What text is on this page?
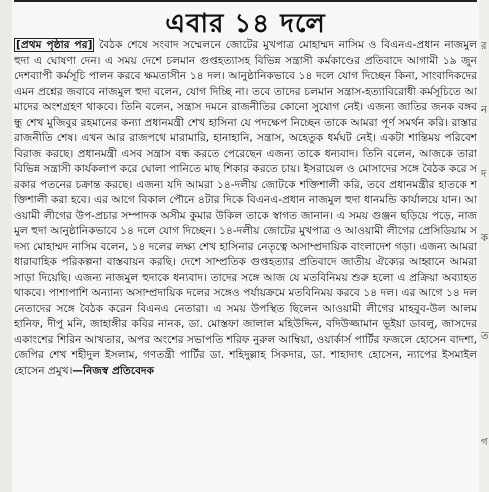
এবার ১৪ দলে

[প্রথম পৃষ্ঠার পর] বৈঠক শেষে সংবাদ সম্মেলনে জোটের মুখপাত্র মোহাম্মদ নাসিম ও বিএনএ-প্রধান নাজমুল হুদা এ ঘোষণা দেন। এ সময় দেশে চলমান গুপ্তহত্যাসহ বিভিন্ন সন্ত্রাসী কর্মকাণ্ডের প্রতিবাদে আগামী ১৯ জুন দেশব্যাপী কর্মসূচি পালন করবে ক্ষমতাসীন ১৪ দল। আনুষ্ঠানিকভাবে ১৪ দলে যোগ দিচ্ছেন কিনা, সাংবাদিকদের এমন প্রশ্নের জবাবে নাজমুল হুদা বলেন, যোগ দিচ্ছি না। তবে তাদের চলমান সন্ত্রাস-হত্যাবিরোধী কর্মসূচিতে আমাদের অংশগ্রহণ থাকবে। তিনি বলেন, সন্ত্রাস দমনে রাজনীতির কোনো সুযোগ নেই। এজন্য জাতির জনক বঙ্গবন্ধু শেখ মুজিবুর রহমানের কন্যা প্রধানমন্ত্রী শেখ হাসিনা যে পদক্ষেপ নিচ্ছেন তাকে আমরা পূর্ণ সমর্থন করি। রাস্তার রাজনীতি শেষ। এখন আর রাজপথে মারামারি, হানাহানি, সন্ত্রাস, অহেতুক ধর্মঘট নেই। একটা শান্তিময় পরিবেশ বিরাজ করছে। প্রধানমন্ত্রী এসব সন্ত্রাস বন্ধ করতে পেরেছেন এজন্য তাকে ধন্যবাদ। তিনি বলেন, আজকে তারা বিভিন্ন সন্ত্রাসী কার্যকলাপ করে ঘোলা পানিতে মাছ শিকার করতে চায়। ইসরায়েল ও মোসাদের সঙ্গে বৈঠক করে সরকার পতনের চক্রান্ত করছে। এজন্য যদি আমরা ১৪-দলীয় জোটকে শক্তিশালী করি, তবে প্রধানমন্ত্রীর হাতকে শক্তিশালী করা হবে। এর আগে বিকাল পৌনে ৪টার দিকে বিএনএ-প্রধান নাজমুল হুদা ধানমন্ডি কার্যালয়ে যান। আওয়ামী লীগের উপ-প্রচার সম্পাদক অসীম কুমার উকিল তাকে স্বাগত জানান। এ সময় গুঞ্জন ছড়িয়ে পড়ে, নাজমুল হুদা আনুষ্ঠানিকভাবে ১৪ দলে যোগ দিচ্ছেন। ১৪-দলীয় জোটের মুখপাত্র ও আওয়ামী লীগের প্রেসিডিয়াম সদস্য মোহাম্মদ নাসিম বলেন, ১৪ দলের লক্ষ্য শেখ হাসিনার নেতৃত্বে অসাম্প্রদায়িক বাংলাদেশ গড়া। এজন্য আমরা ধারাবাহিক পরিকল্পনা বাস্তবায়ন করছি। দেশে সাম্প্রতিক গুপ্তহত্যার প্রতিবাদে জাতীয় ঐক্যের আহ্বানে আমরা সাড়া দিয়েছি। এজন্য নাজমুল হুদাকে ধন্যবাদ। তাদের সঙ্গে আজ যে মতবিনিময় শুরু হলো এ প্রক্রিয়া অব্যাহত থাকবে। পাশাপাশি অন্যান্য অসাম্প্রদায়িক দলের সঙ্গেও পর্যায়ক্রমে মতবিনিময় করবে ১৪ দল। এর আগে ১৪ দল নেতাদের সঙ্গে বৈঠক করেন বিএনএ নেতারা। এ সময় উপস্থিত ছিলেন আওয়ামী লীগের মাহবুব-উল আলম হানিফ, দীপু মনি, জাহাঙ্গীর কবির নানক, ডা. মোস্তফা জালাল মহিউদ্দিন, বদিউজ্জামান ভূইয়া ডাবলু, জাসদের একাংশের শিরিন আখতার, অপর অংশের সভাপতি শরিফ নুরুল আম্বিয়া, ওয়ার্কার্স পার্টির ফজলে হোসেন বাদশা, জেপির শেখ শহীদুল ইসলাম, গণতন্ত্রী পার্টির ডা. শহিদুল্লাহ সিকদার, ডা. শাহাদাৎ হোসেন, ন্যাপের ইসমাইল হোসেন প্রমুখ।—নিজস্ব প্রতিবেদক

র
ন
দ
ক
ত
গ
